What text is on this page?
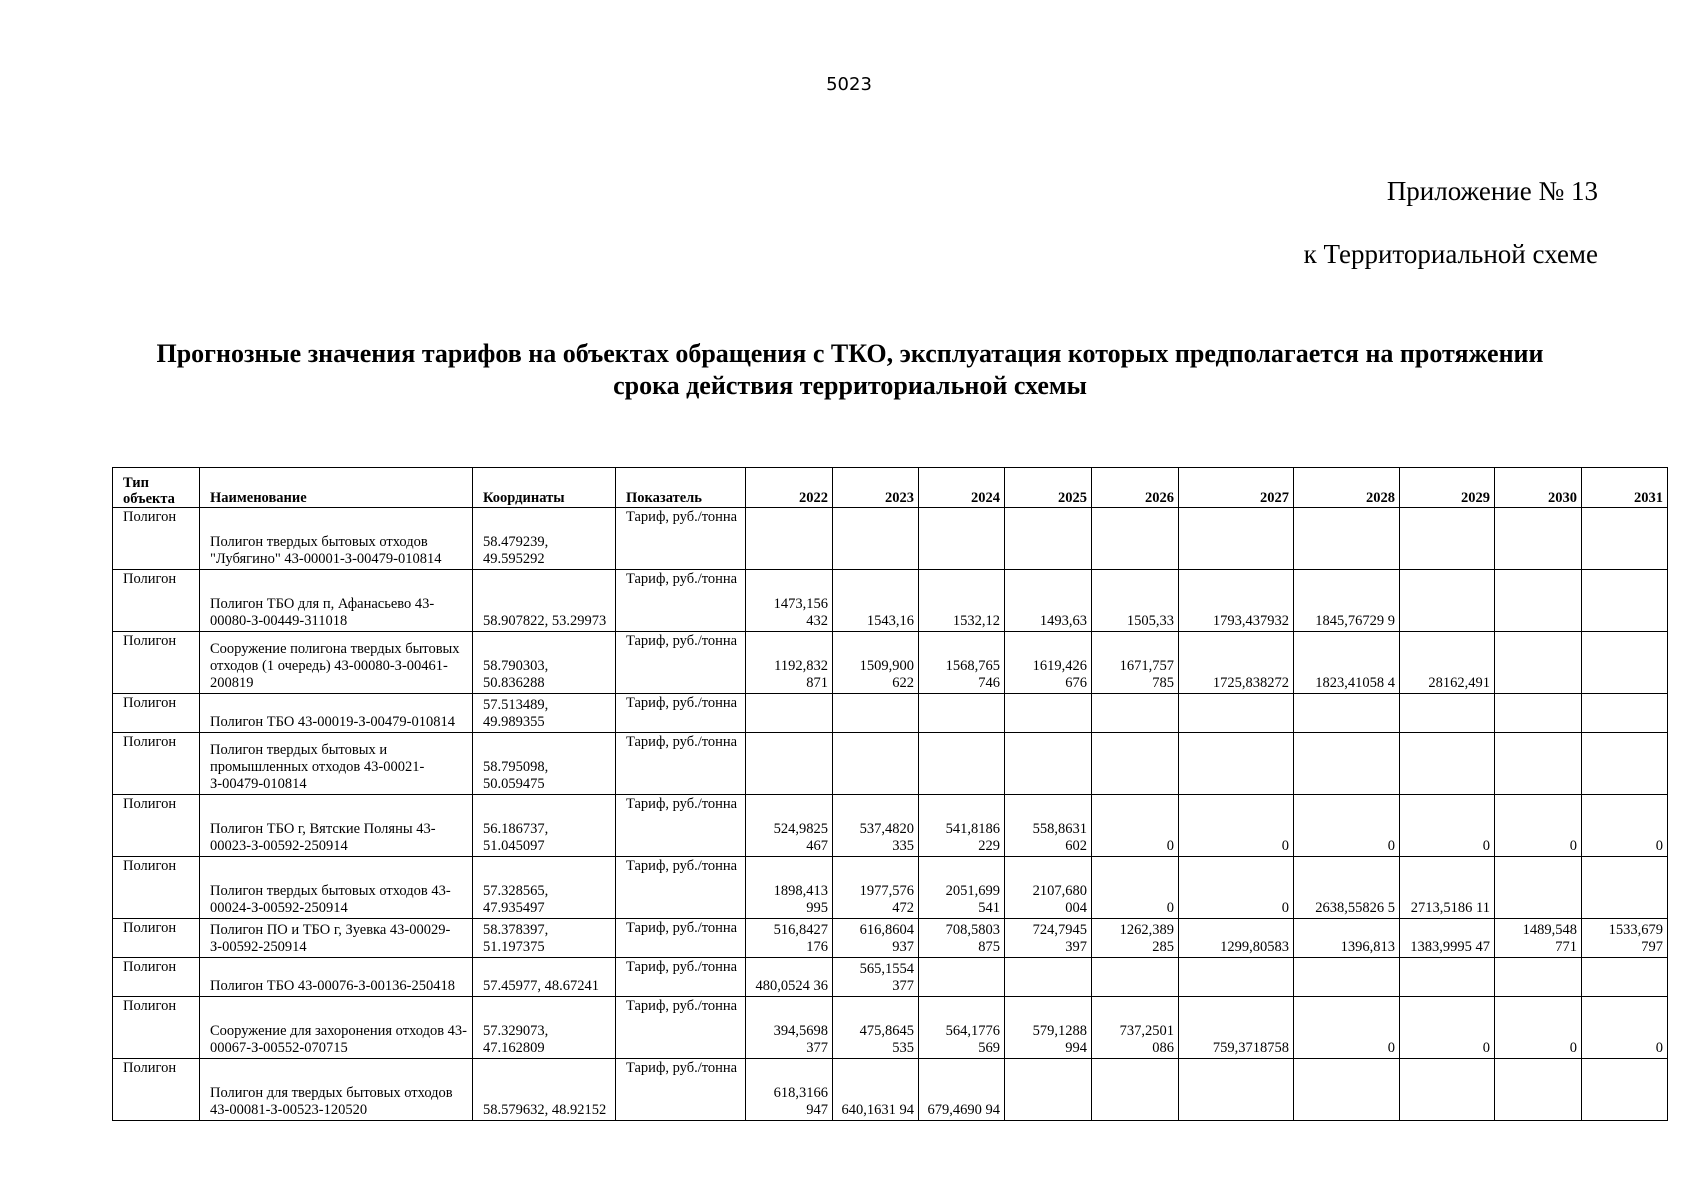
5023
Приложение № 13
к Территориальной схеме
Прогнозные значения тарифов на объектах обращения с ТКО, эксплуатация которых предполагается на протяжении срока действия территориальной схемы
Тип
объекта	Наименование	Координаты	Показатель	2022	2023	2024	2025	2026	2027	2028	2029	2030	2031
Полигон	Полигон твердых бытовых отходов "Лубягино" 43-00001-З-00479-010814	58.479239, 49.595292	Тариф, руб./тонна										
Полигон	Полигон ТБО для п, Афанасьево 43-00080-З-00449-311018	58.907822, 53.29973	Тариф, руб./тонна	1473,156 432	1543,16	1532,12	1493,63	1505,33	1793,437932	1845,76729 9			
Полигон	Сооружение полигона твердых бытовых отходов (1 очередь) 43-00080-З-00461-200819	58.790303, 50.836288	Тариф, руб./тонна	1192,832 871	1509,900 622	1568,765 746	1619,426 676	1671,757 785	1725,838272	1823,41058 4	28162,491		
Полигон	Полигон ТБО 43-00019-З-00479-010814	57.513489, 49.989355	Тариф, руб./тонна										
Полигон	Полигон твердых бытовых и промышленных отходов 43-00021-З-00479-010814	58.795098, 50.059475	Тариф, руб./тонна										
Полигон	Полигон ТБО г, Вятские Поляны 43-00023-З-00592-250914	56.186737, 51.045097	Тариф, руб./тонна	524,9825 467	537,4820 335	541,8186 229	558,8631 602	0	0	0	0	0	0
Полигон	Полигон твердых бытовых отходов 43-00024-З-00592-250914	57.328565, 47.935497	Тариф, руб./тонна	1898,413 995	1977,576 472	2051,699 541	2107,680 004	0	0	2638,55826 5	2713,5186 11		
Полигон	Полигон ПО и ТБО г, Зуевка 43-00029-З-00592-250914	58.378397, 51.197375	Тариф, руб./тонна	516,8427 176	616,8604 937	708,5803 875	724,7945 397	1262,389 285	1299,80583	1396,813	1383,9995 47	1489,548 771	1533,679 797
Полигон	Полигон ТБО 43-00076-З-00136-250418	57.45977, 48.67241	Тариф, руб./тонна	480,0524 36	565,1554 377								
Полигон	Сооружение для захоронения отходов 43-00067-З-00552-070715	57.329073, 47.162809	Тариф, руб./тонна	394,5698 377	475,8645 535	564,1776 569	579,1288 994	737,2501 086	759,3718758	0	0	0	0
Полигон	Полигон для твердых бытовых отходов 43-00081-З-00523-120520	58.579632, 48.92152	Тариф, руб./тонна	618,3166 947	640,1631 94	679,4690 94							
